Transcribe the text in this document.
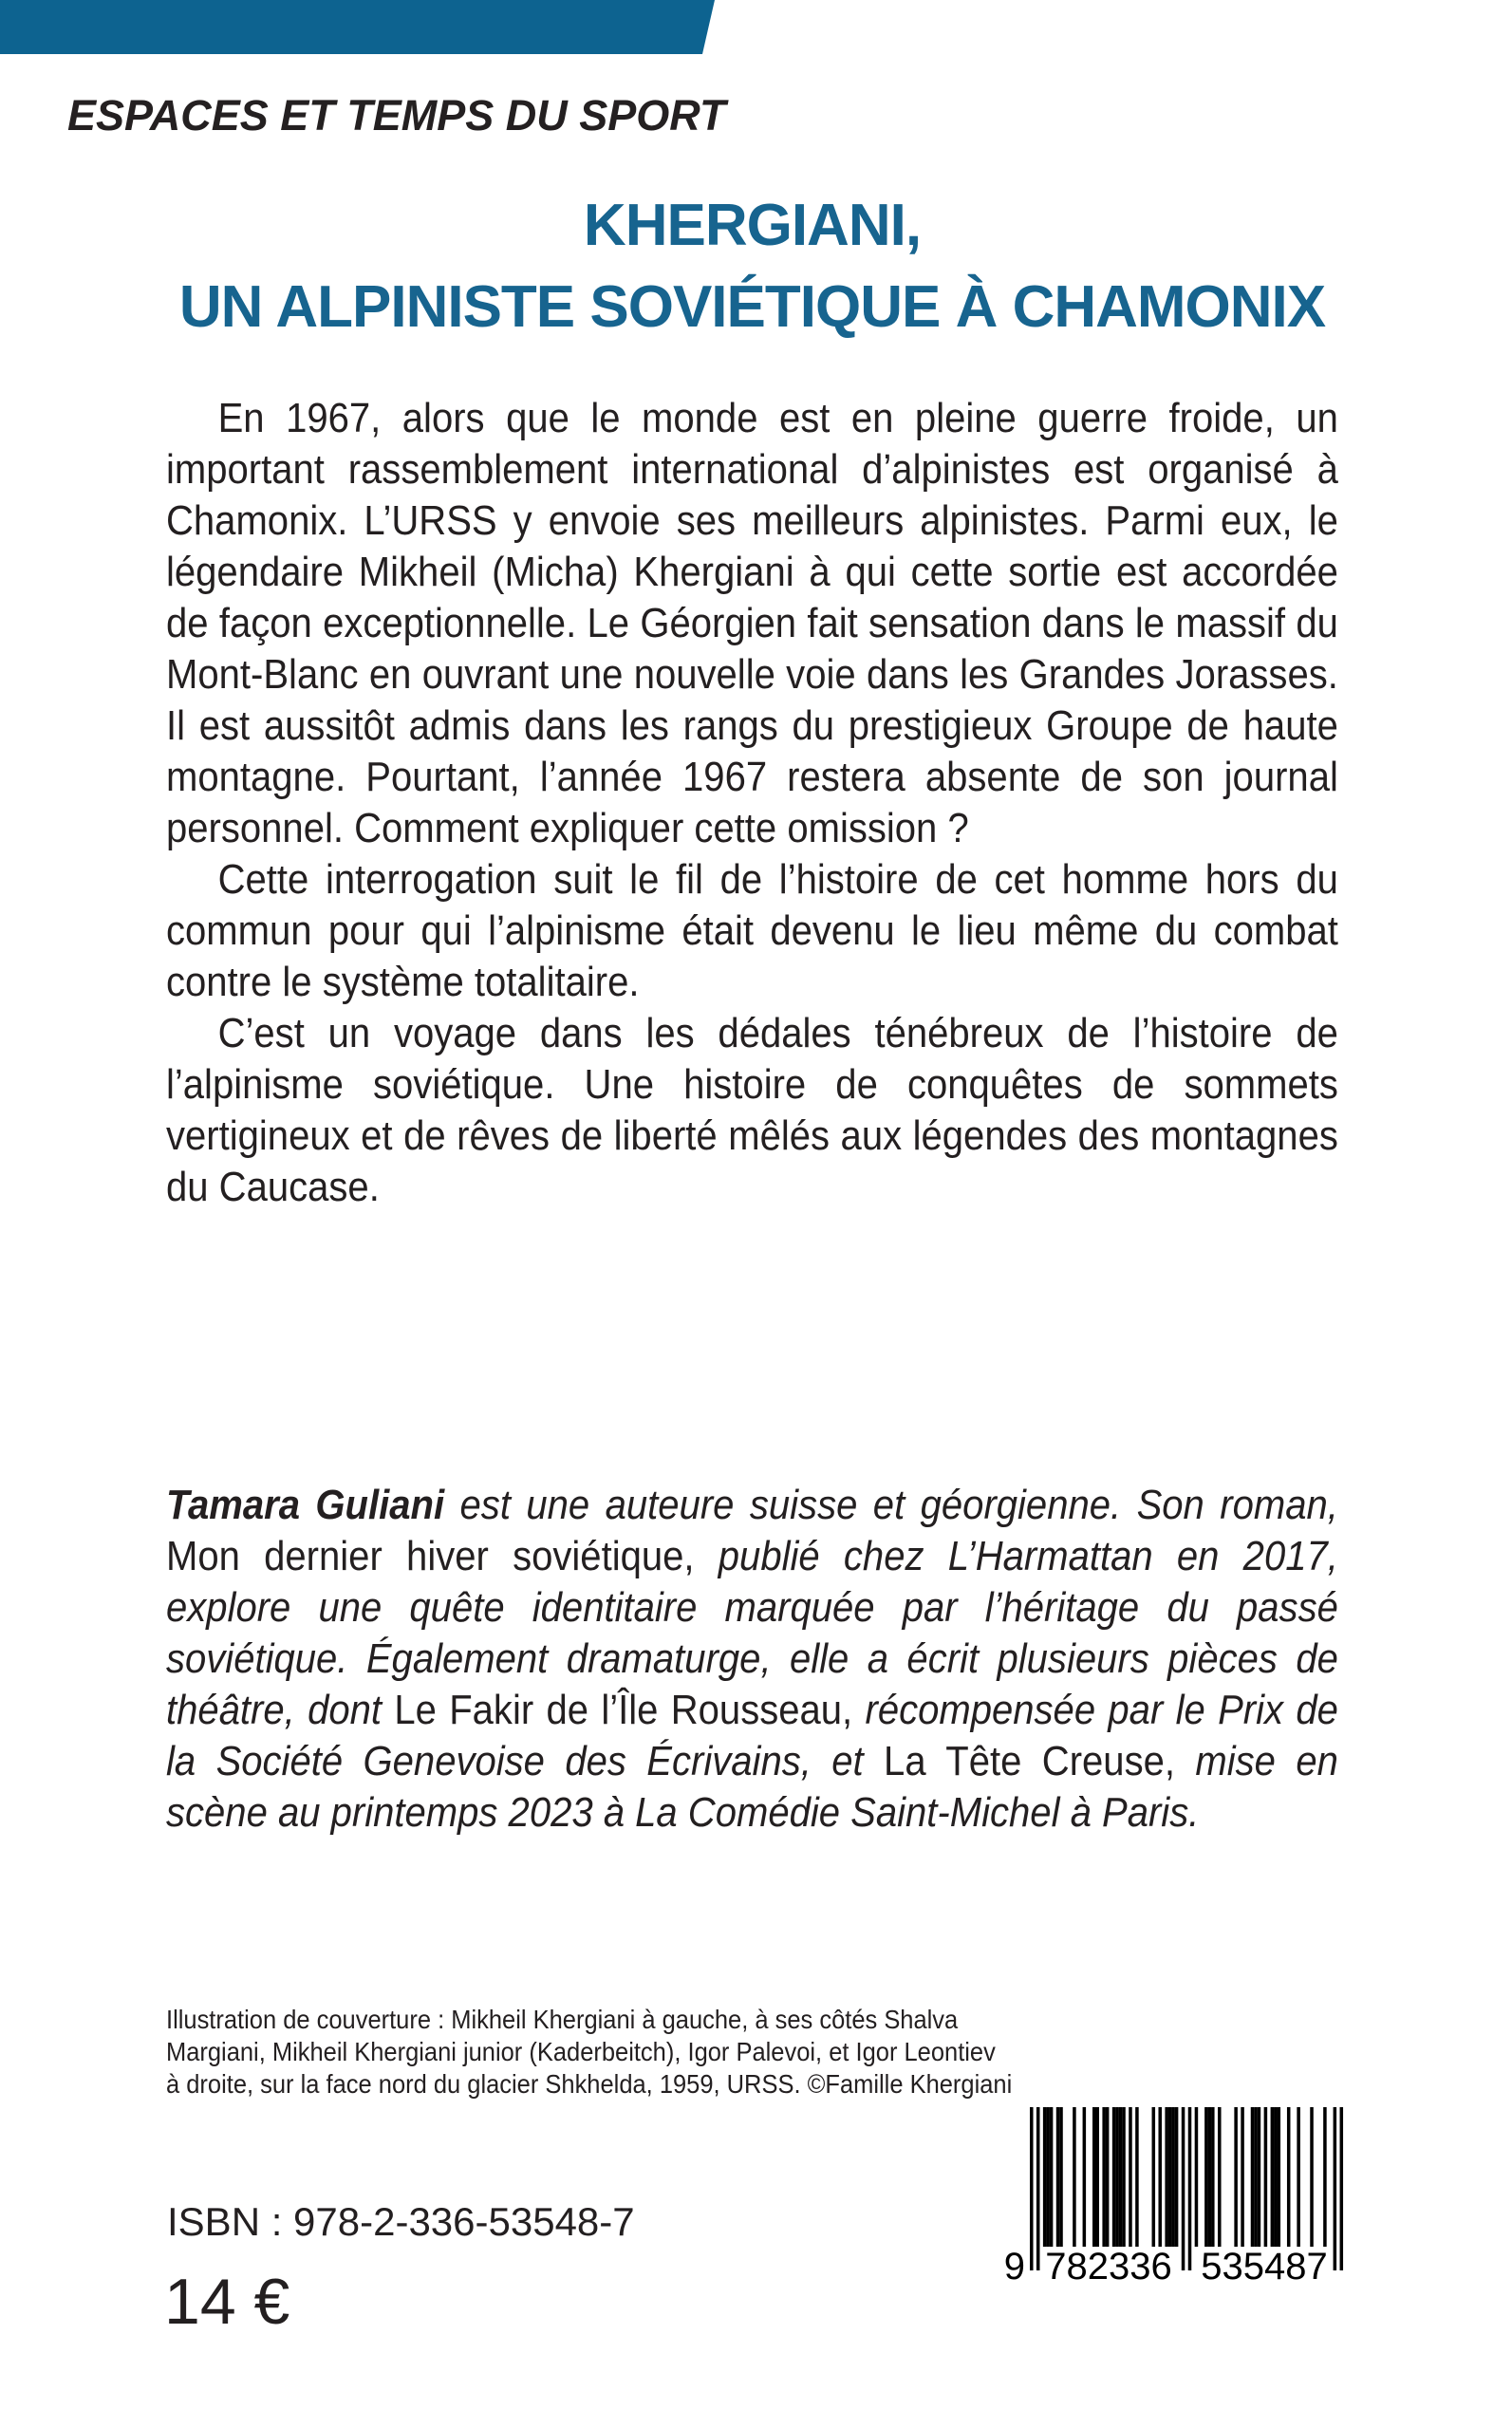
ESPACES ET TEMPS DU SPORT
KHERGIANI,
UN ALPINISTE SOVIÉTIQUE À CHAMONIX

En 1967, alors que le monde est en pleine guerre froide, un important rassemblement international d’alpinistes est organisé à Chamonix. L’URSS y envoie ses meilleurs alpinistes. Parmi eux, le légendaire Mikheil (Micha) Khergiani à qui cette sortie est accordée de façon exceptionnelle. Le Géorgien fait sensation dans le massif du Mont-Blanc en ouvrant une nouvelle voie dans les Grandes Jorasses. Il est aussitôt admis dans les rangs du prestigieux Groupe de haute montagne. Pourtant, l’année 1967 restera absente de son journal personnel. Comment expliquer cette omission ?

Cette interrogation suit le fil de l’histoire de cet homme hors du commun pour qui l’alpinisme était devenu le lieu même du combat contre le système totalitaire.

C’est un voyage dans les dédales ténébreux de l’histoire de l’alpinisme soviétique. Une histoire de conquêtes de sommets vertigineux et de rêves de liberté mêlés aux légendes des montagnes du Caucase.

Tamara Guliani est une auteure suisse et géorgienne. Son roman, Mon dernier hiver soviétique, publié chez L’Harmattan en 2017, explore une quête identitaire marquée par l’héritage du passé soviétique. Également dramaturge, elle a écrit plusieurs pièces de théâtre, dont Le Fakir de l’Île Rousseau, récompensée par le Prix de la Société Genevoise des Écrivains, et La Tête Creuse, mise en scène au printemps 2023 à La Comédie Saint-Michel à Paris.
Illustration de couverture : Mikheil Khergiani à gauche, à ses côtés Shalva Margiani, Mikheil Khergiani junior (Kaderbeitch), Igor Palevoi, et Igor Leontiev à droite, sur la face nord du glacier Shkhelda, 1959, URSS. ©Famille Khergiani
ISBN : 978-2-336-53548-7
14 €	9 782336 535487
